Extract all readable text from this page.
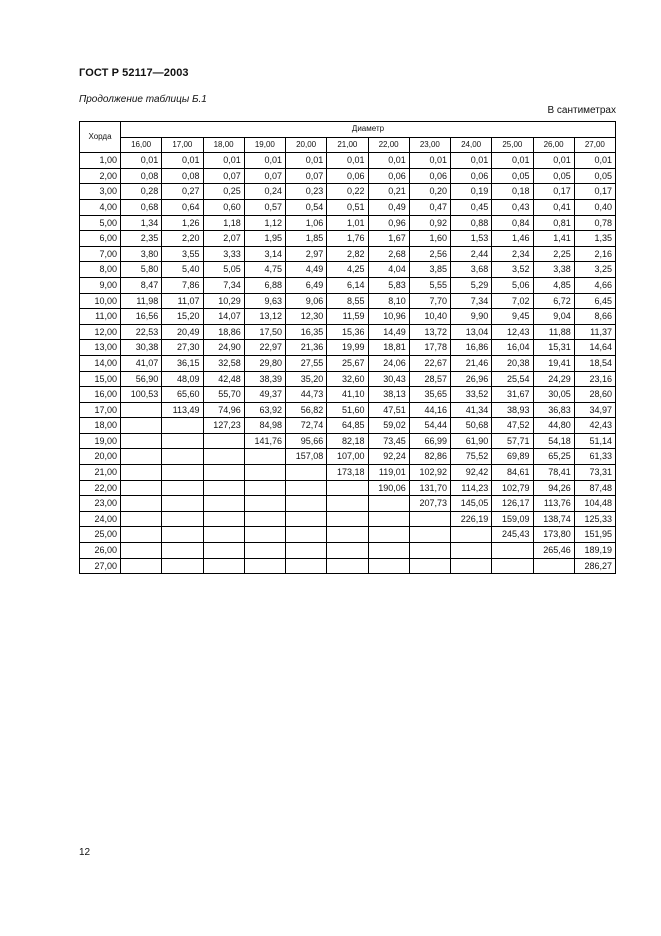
ГОСТ Р 52117—2003
Продолжение таблицы Б.1
В сантиметрах
Хорда	Диаметр											
	16,00	17,00	18,00	19,00	20,00	21,00	22,00	23,00	24,00	25,00	26,00	27,00
1,00	0,01	0,01	0,01	0,01	0,01	0,01	0,01	0,01	0,01	0,01	0,01	0,01
2,00	0,08	0,08	0,07	0,07	0,07	0,06	0,06	0,06	0,06	0,05	0,05	0,05
3,00	0,28	0,27	0,25	0,24	0,23	0,22	0,21	0,20	0,19	0,18	0,17	0,17
4,00	0,68	0,64	0,60	0,57	0,54	0,51	0,49	0,47	0,45	0,43	0,41	0,40
5,00	1,34	1,26	1,18	1,12	1,06	1,01	0,96	0,92	0,88	0,84	0,81	0,78
6,00	2,35	2,20	2,07	1,95	1,85	1,76	1,67	1,60	1,53	1,46	1,41	1,35
7,00	3,80	3,55	3,33	3,14	2,97	2,82	2,68	2,56	2,44	2,34	2,25	2,16
8,00	5,80	5,40	5,05	4,75	4,49	4,25	4,04	3,85	3,68	3,52	3,38	3,25
9,00	8,47	7,86	7,34	6,88	6,49	6,14	5,83	5,55	5,29	5,06	4,85	4,66
10,00	11,98	11,07	10,29	9,63	9,06	8,55	8,10	7,70	7,34	7,02	6,72	6,45
11,00	16,56	15,20	14,07	13,12	12,30	11,59	10,96	10,40	9,90	9,45	9,04	8,66
12,00	22,53	20,49	18,86	17,50	16,35	15,36	14,49	13,72	13,04	12,43	11,88	11,37
13,00	30,38	27,30	24,90	22,97	21,36	19,99	18,81	17,78	16,86	16,04	15,31	14,64
14,00	41,07	36,15	32,58	29,80	27,55	25,67	24,06	22,67	21,46	20,38	19,41	18,54
15,00	56,90	48,09	42,48	38,39	35,20	32,60	30,43	28,57	26,96	25,54	24,29	23,16
16,00	100,53	65,60	55,70	49,37	44,73	41,10	38,13	35,65	33,52	31,67	30,05	28,60
17,00		113,49	74,96	63,92	56,82	51,60	47,51	44,16	41,34	38,93	36,83	34,97
18,00			127,23	84,98	72,74	64,85	59,02	54,44	50,68	47,52	44,80	42,43
19,00				141,76	95,66	82,18	73,45	66,99	61,90	57,71	54,18	51,14
20,00					157,08	107,00	92,24	82,86	75,52	69,89	65,25	61,33
21,00						173,18	119,01	102,92	92,42	84,61	78,41	73,31
22,00							190,06	131,70	114,23	102,79	94,26	87,48
23,00								207,73	145,05	126,17	113,76	104,48
24,00									226,19	159,09	138,74	125,33
25,00										245,43	173,80	151,95
26,00											265,46	189,19
27,00												286,27
12
